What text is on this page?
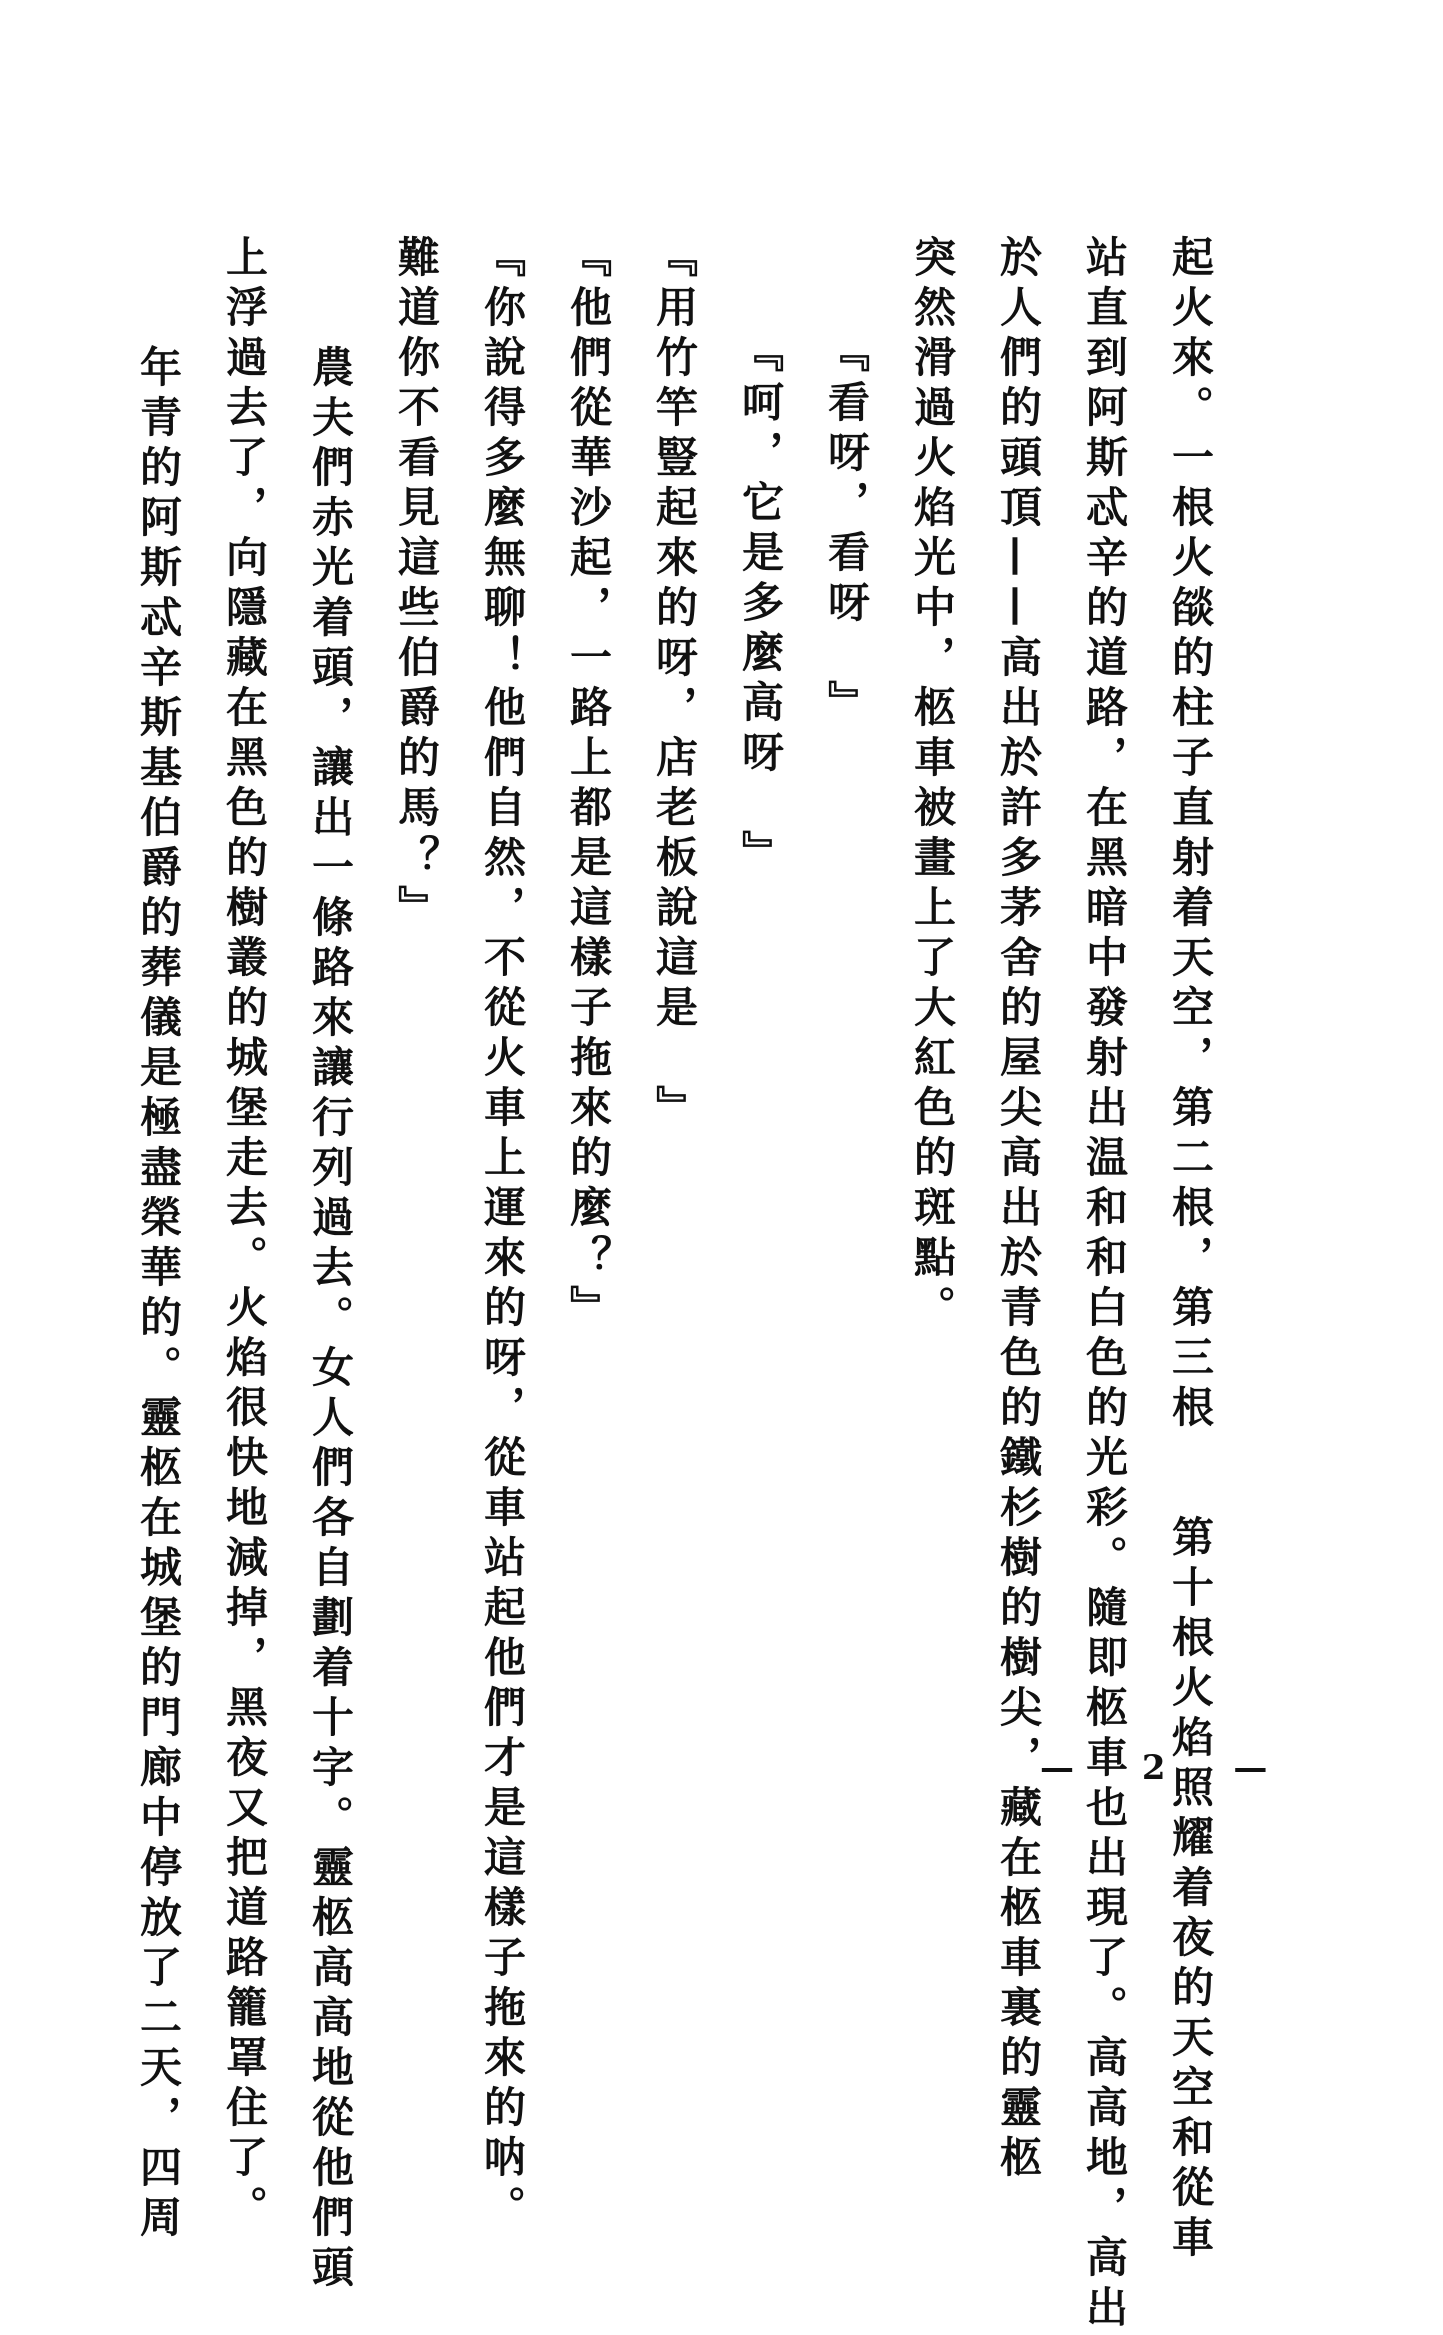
起火來。一根火燄的柱子直射着天空，第二根，第三根
第十根火焰照耀着夜的天空和從車
站直到阿斯忒辛的道路，在黑暗中發射出温和和白色的光彩。隨即柩車也出現了。高高地，高出
於人們的頭頂——高出於許多茅舍的屋尖高出於青色的鐵杉樹的樹尖，藏在柩車裏的靈柩
突然滑過火焰光中，柩車被畫上了大紅色的斑點。
『看呀，看呀　』
『呵，它是多麼高呀　』
『用竹竿豎起來的呀，店老板說這是　』
『他們從華沙起，一路上都是這樣子拖來的麼？』
『你說得多麼無聊！他們自然，不從火車上運來的呀，從車站起他們才是這樣子拖來的呐。
難道你不看見這些伯爵的馬？』
農夫們赤光着頭，讓出一條路來讓行列過去。女人們各自劃着十字。靈柩高高地從他們頭
上浮過去了，向隱藏在黑色的樹叢的城堡走去。火焰很快地減掉，黑夜又把道路籠罩住了。
年青的阿斯忒辛斯基伯爵的葬儀是極盡榮華的。靈柩在城堡的門廊中停放了二天，四周	— 2 —
